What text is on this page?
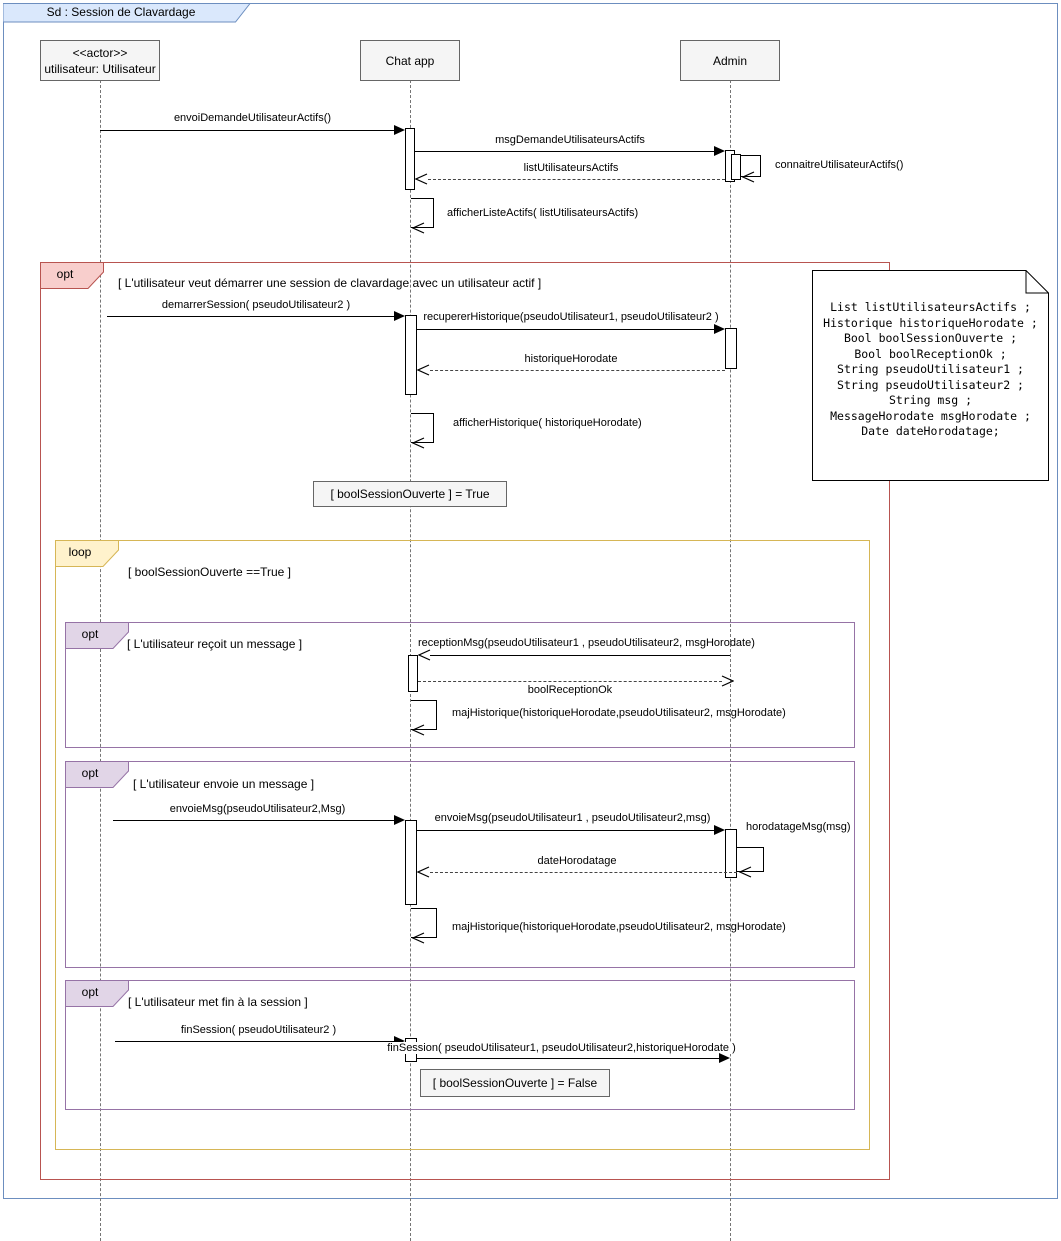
Sd : Session de Clavardage
<<actor>>
utilisateur: Utilisateur
Chat app	Admin
opt
[ L'utilisateur veut démarrer une session de clavardage avec un utilisateur actif ]
loop
[ boolSessionOuverte ==True ]
opt
[ L'utilisateur reçoit un message ]
opt
[ L'utilisateur envoie un message ]
opt
[ L'utilisateur met fin à la session ]
List listUtilisateursActifs ;
Historique historiqueHorodate ;
Bool boolSessionOuverte ;
Bool boolReceptionOk ;
String pseudoUtilisateur1 ;
String pseudoUtilisateur2 ;
String msg ;
MessageHorodate msgHorodate ;
Date dateHorodatage;
[ boolSessionOuverte ] = True
[ boolSessionOuverte ] = False
envoiDemandeUtilisateurActifs()
msgDemandeUtilisateursActifs
listUtilisateursActifs	connaitreUtilisateurActifs()
afficherListeActifs( listUtilisateursActifs)
demarrerSession( pseudoUtilisateur2 )
recupererHistorique(pseudoUtilisateur1, pseudoUtilisateur2 )
historiqueHorodate
afficherHistorique( historiqueHorodate)
receptionMsg(pseudoUtilisateur1 , pseudoUtilisateur2, msgHorodate)
boolReceptionOk
majHistorique(historiqueHorodate,pseudoUtilisateur2, msgHorodate)
envoieMsg(pseudoUtilisateur2,Msg)
envoieMsg(pseudoUtilisateur1 , pseudoUtilisateur2,msg)
horodatageMsg(msg)
dateHorodatage
majHistorique(historiqueHorodate,pseudoUtilisateur2, msgHorodate)
finSession( pseudoUtilisateur2 )
finSession( pseudoUtilisateur1, pseudoUtilisateur2,historiqueHorodate )
